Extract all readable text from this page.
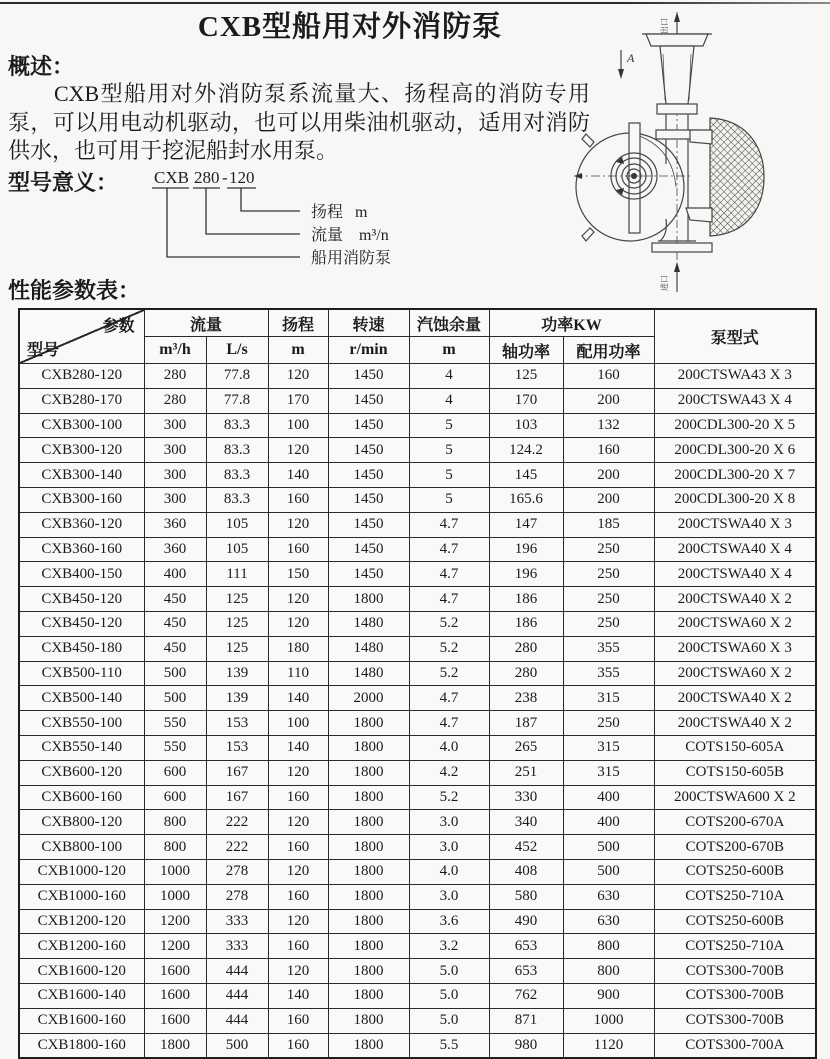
CXB型船用对外消防泵
A
出口
进口
概述：
CXB型船用对外消防泵系流量大、扬程高的消防专用泵，可以用电动机驱动，也可以用柴油机驱动，适用对消防供水，也可用于挖泥船封水用泵。
型号意义： CXB 280 - 120
扬程 m
流量 m³/n
船用消防泵
性能参数表：
参数
型号	流量		扬程	转速	汽蚀余量	功率KW		泵型式
	m³/h	L/s	m	r/min	m	轴功率	配用功率	
CXB280-120	280	77.8	120	1450	4	125	160	200CTSWA43 X 3
CXB280-170	280	77.8	170	1450	4	170	200	200CTSWA43 X 4
CXB300-100	300	83.3	100	1450	5	103	132	200CDL300-20 X 5
CXB300-120	300	83.3	120	1450	5	124.2	160	200CDL300-20 X 6
CXB300-140	300	83.3	140	1450	5	145	200	200CDL300-20 X 7
CXB300-160	300	83.3	160	1450	5	165.6	200	200CDL300-20 X 8
CXB360-120	360	105	120	1450	4.7	147	185	200CTSWA40 X 3
CXB360-160	360	105	160	1450	4.7	196	250	200CTSWA40 X 4
CXB400-150	400	111	150	1450	4.7	196	250	200CTSWA40 X 4
CXB450-120	450	125	120	1800	4.7	186	250	200CTSWA40 X 2
CXB450-120	450	125	120	1480	5.2	186	250	200CTSWA60 X 2
CXB450-180	450	125	180	1480	5.2	280	355	200CTSWA60 X 3
CXB500-110	500	139	110	1480	5.2	280	355	200CTSWA60 X 2
CXB500-140	500	139	140	2000	4.7	238	315	200CTSWA40 X 2
CXB550-100	550	153	100	1800	4.7	187	250	200CTSWA40 X 2
CXB550-140	550	153	140	1800	4.0	265	315	COTS150-605A
CXB600-120	600	167	120	1800	4.2	251	315	COTS150-605B
CXB600-160	600	167	160	1800	5.2	330	400	200CTSWA600 X 2
CXB800-120	800	222	120	1800	3.0	340	400	COTS200-670A
CXB800-100	800	222	160	1800	3.0	452	500	COTS200-670B
CXB1000-120	1000	278	120	1800	4.0	408	500	COTS250-600B
CXB1000-160	1000	278	160	1800	3.0	580	630	COTS250-710A
CXB1200-120	1200	333	120	1800	3.6	490	630	COTS250-600B
CXB1200-160	1200	333	160	1800	3.2	653	800	COTS250-710A
CXB1600-120	1600	444	120	1800	5.0	653	800	COTS300-700B
CXB1600-140	1600	444	140	1800	5.0	762	900	COTS300-700B
CXB1600-160	1600	444	160	1800	5.0	871	1000	COTS300-700B
CXB1800-160	1800	500	160	1800	5.5	980	1120	COTS300-700A
